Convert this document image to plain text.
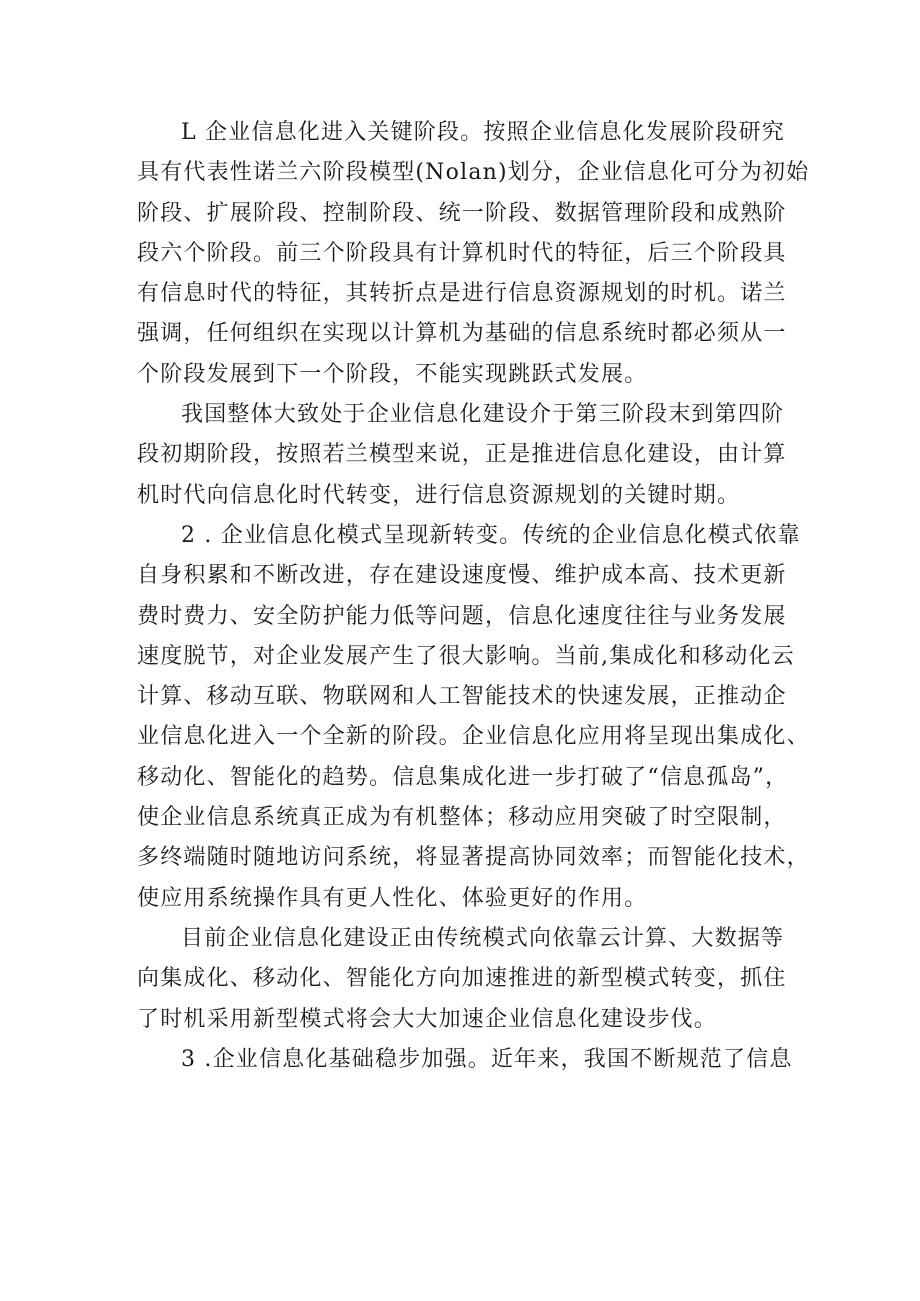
L 企业信息化进入关键阶段。按照企业信息化发展阶段研究
具有代表性诺兰六阶段模型(Nolan)划分，企业信息化可分为初始
阶段、扩展阶段、控制阶段、统一阶段、数据管理阶段和成熟阶
段六个阶段。前三个阶段具有计算机时代的特征，后三个阶段具
有信息时代的特征，其转折点是进行信息资源规划的时机。诺兰
强调，任何组织在实现以计算机为基础的信息系统时都必须从一
个阶段发展到下一个阶段，不能实现跳跃式发展。
我国整体大致处于企业信息化建设介于第三阶段末到第四阶
段初期阶段，按照若兰模型来说，正是推进信息化建设，由计算
机时代向信息化时代转变，进行信息资源规划的关键时期。
2 . 企业信息化模式呈现新转变。传统的企业信息化模式依靠
自身积累和不断改进，存在建设速度慢、维护成本高、技术更新
费时费力、安全防护能力低等问题，信息化速度往往与业务发展
速度脱节，对企业发展产生了很大影响。当前,集成化和移动化云
计算、移动互联、物联网和人工智能技术的快速发展，正推动企
业信息化进入一个全新的阶段。企业信息化应用将呈现出集成化、
移动化、智能化的趋势。信息集成化进一步打破了“信息孤岛”，
使企业信息系统真正成为有机整体；移动应用突破了时空限制，
多终端随时随地访问系统，将显著提高协同效率；而智能化技术，
使应用系统操作具有更人性化、体验更好的作用。
目前企业信息化建设正由传统模式向依靠云计算、大数据等
向集成化、移动化、智能化方向加速推进的新型模式转变，抓住
了时机采用新型模式将会大大加速企业信息化建设步伐。
3 .企业信息化基础稳步加强。近年来，我国不断规范了信息
